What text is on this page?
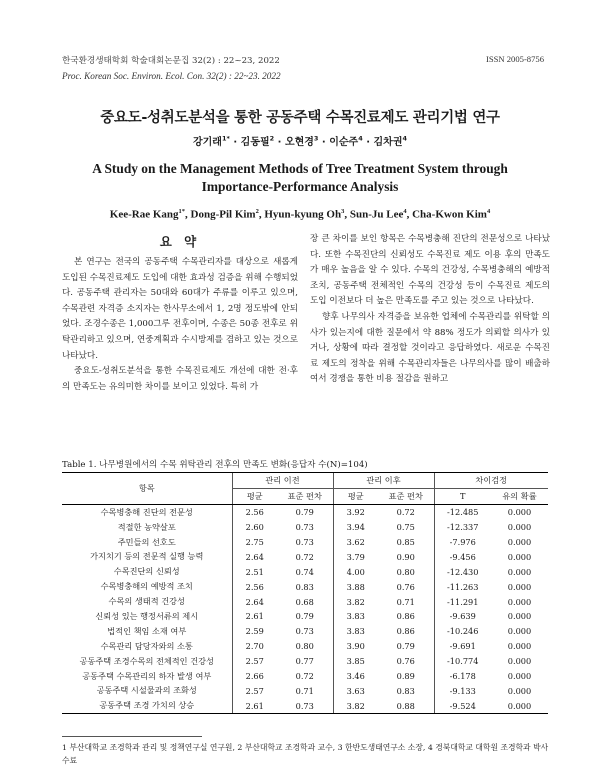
한국환경생태학회 학술대회논문집 32(2) : 22~23, 2022
Proc. Korean Soc. Environ. Ecol. Con. 32(2) : 22~23. 2022
ISSN 2005-8756
중요도-성취도분석을 통한 공동주택 수목진료제도 관리기법 연구
강기래$^{1*}$ · 김동필$^2$ · 오현경$^3$ · 이순주$^4$ · 김차권$^4$
A Study on the Management Methods of Tree Treatment System through
Importance-Performance Analysis
Kee-Rae Kang$^{1*}$, Dong-Pil Kim$^2$, Hyun-kyung Oh$^3$, Sun-Ju Lee$^4$, Cha-Kwon Kim$^4$
요 약

본 연구는 전국의 공동주택 수목관리자를 대상으로 새롭게 도입된 수목진료제도 도입에 대한 효과성 검증을 위해 수행되었다. 공동주택 관리자는 50대와 60대가 주류를 이루고 있으며, 수목관련 자격증 소지자는 한사무소에서 1, 2명 정도밖에 안되었다. 조경수종은 1,000그루 전후이며, 수종은 50종 전후로 위탁관리하고 있으며, 연중계획과 수시방제를 겸하고 있는 것으로 나타났다.

중요도-성취도분석을 통한 수목진료제도 개선에 대한 전·후의 만족도는 유의미한 차이를 보이고 있었다. 특히 가

장 큰 차이를 보인 항목은 수목병충해 진단의 전문성으로 나타났다. 또한 수목진단의 신뢰성도 수목진료 제도 이용 후의 만족도가 매우 높음을 알 수 있다. 수목의 건강성, 수목병충해의 예방적 조치, 공동주택 전체적인 수목의 건강성 등이 수목진료 제도의 도입 이전보다 더 높은 만족도를 주고 있는 것으로 나타났다.

향후 나무의사 자격증을 보유한 업체에 수목관리를 위탁할 의사가 있는지에 대한 질문에서 약 88% 정도가 의뢰할 의사가 있거나, 상황에 따라 결정할 것이라고 응답하였다. 새로운 수목진료 제도의 정착을 위해 수목관리자들은 나무의사를 많이 배출하여서 경쟁을 통한 비용 절감을 원하고

Table 1. 나무병원에서의 수목 위탁관리 전후의 만족도 변화(응답자 수(N)=104)
항목	관리 이전		관리 이후		차이검정	
	평균	표준 편차	평균	표준 편차	T	유의 확률
수목병충해 진단의 전문성	2.56	0.79	3.92	0.72	-12.485	0.000
적절한 농약살포	2.60	0.73	3.94	0.75	-12.337	0.000
주민들의 선호도	2.75	0.73	3.62	0.85	-7.976	0.000
가지치기 등의 전문적 실행 능력	2.64	0.72	3.79	0.90	-9.456	0.000
수목진단의 신뢰성	2.51	0.74	4.00	0.80	-12.430	0.000
수목병충해의 예방적 조치	2.56	0.83	3.88	0.76	-11.263	0.000
수목의 생태적 건강성	2.64	0.68	3.82	0.71	-11.291	0.000
신뢰성 있는 행정서류의 제시	2.61	0.79	3.83	0.86	-9.639	0.000
법적인 책임 소재 여부	2.59	0.73	3.83	0.86	-10.246	0.000
수목관리 담당자와의 소통	2.70	0.80	3.90	0.79	-9.691	0.000
공동주택 조경수목의 전체적인 건강성	2.57	0.77	3.85	0.76	-10.774	0.000
공동주택 수목관리의 하자 발생 여부	2.66	0.72	3.46	0.89	-6.178	0.000
공동주택 시설물과의 조화성	2.57	0.71	3.63	0.83	-9.133	0.000
공동주택 조경 가치의 상승	2.61	0.73	3.82	0.88	-9.524	0.000
1 부산대학교 조경학과 관리 및 정책연구실 연구원, 2 부산대학교 조경학과 교수, 3 한반도생태연구소 소장, 4 경북대학교 대학원 조경학과 박사수료
